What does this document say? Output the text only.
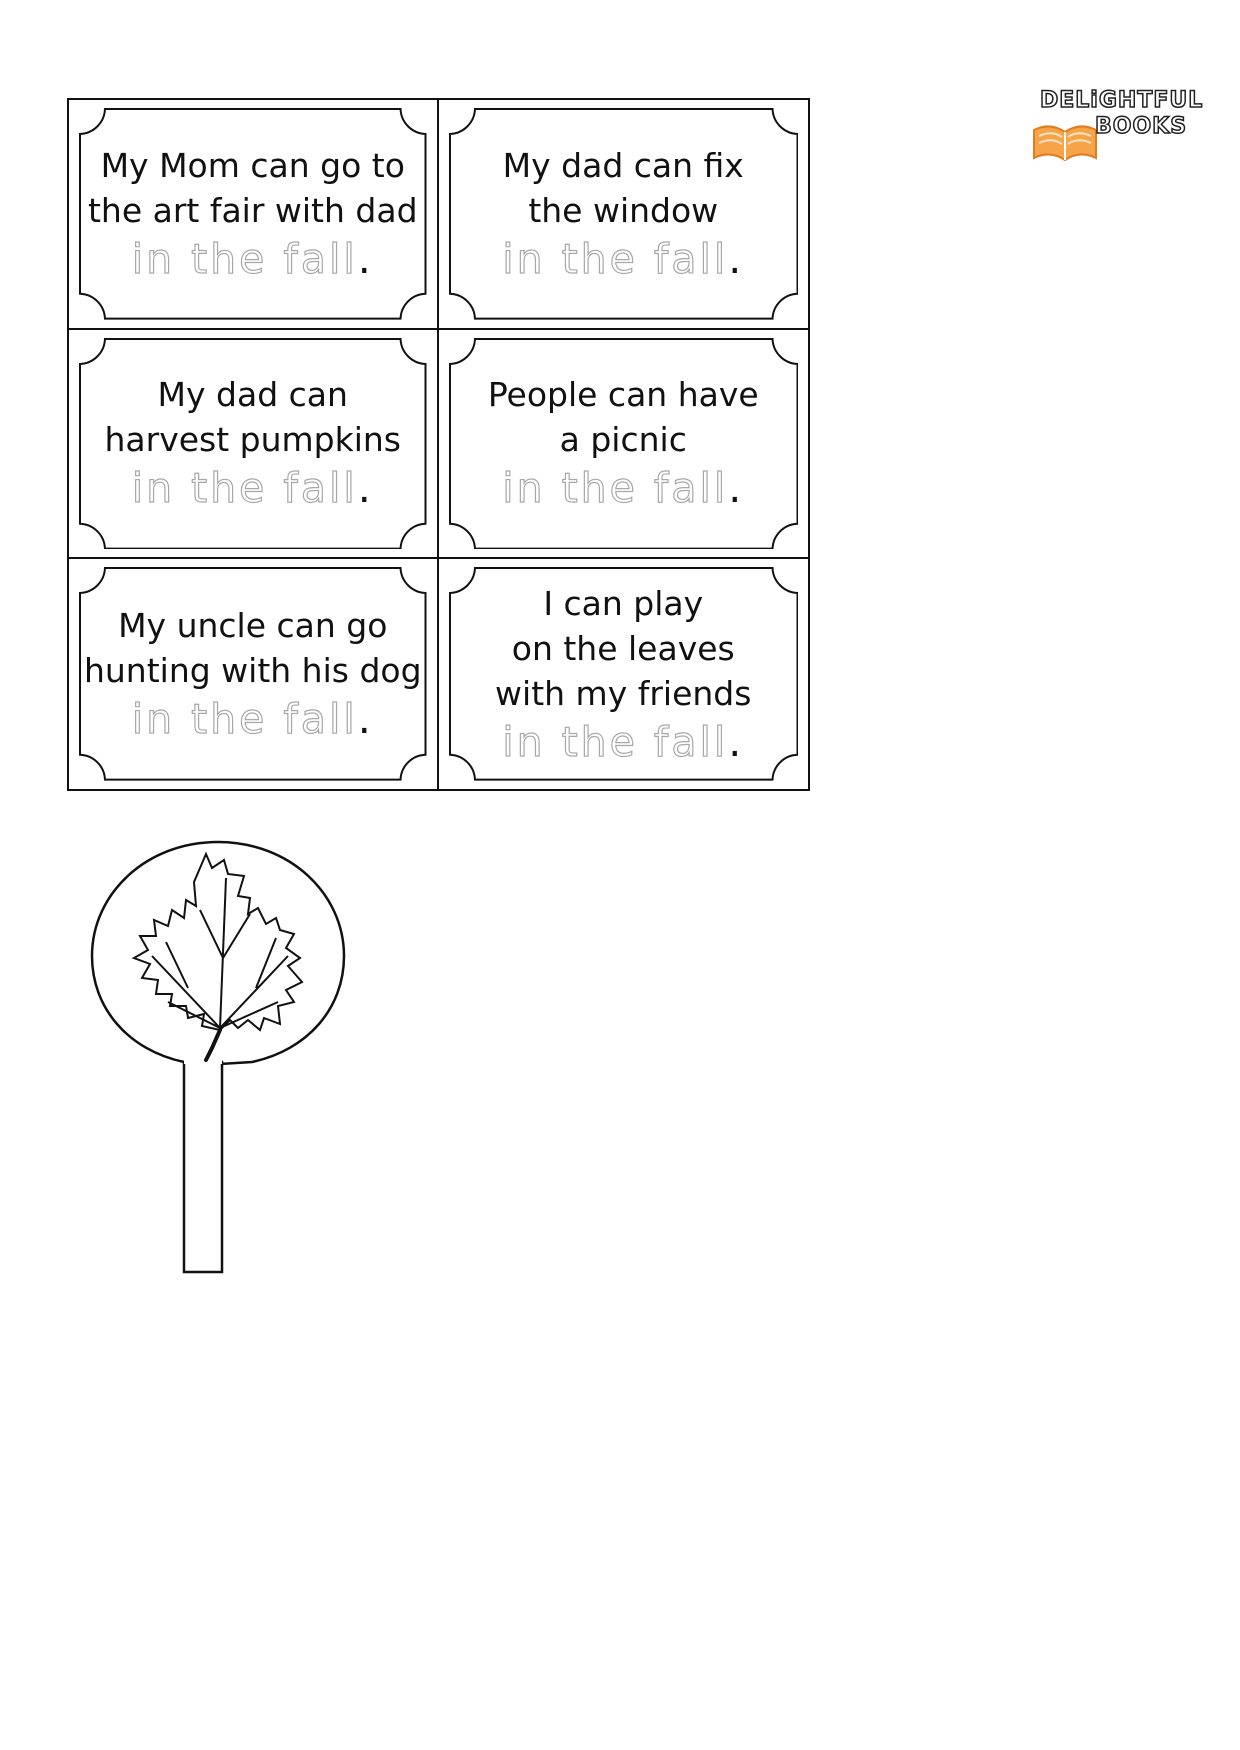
My Mom can go to
the art fair with dad
in the fall.
My dad can fix
the window
in the fall.
My dad can
harvest pumpkins
in the fall.
People can have
a picnic
in the fall.
My uncle can go
hunting with his dog
in the fall.
I can play
on the leaves
with my friends
in the fall.
DELiGHTFUL
BOOKS
